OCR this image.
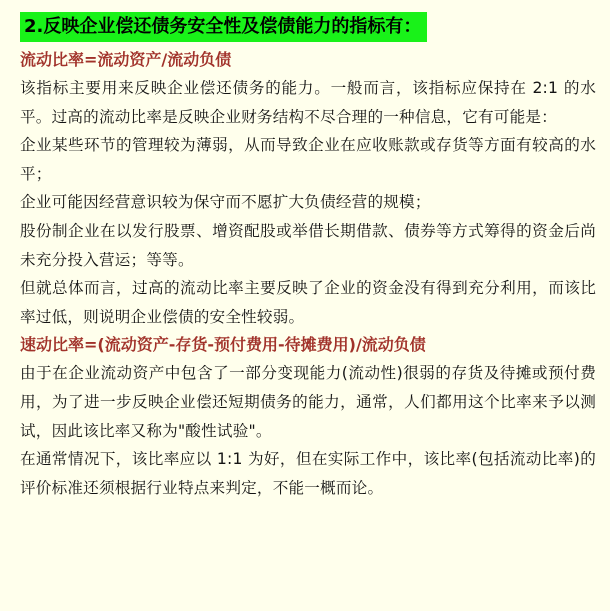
2.反映企业偿还债务安全性及偿债能力的指标有：

流动比率=流动资产/流动负债

该指标主要用来反映企业偿还债务的能力。一般而言，该指标应保持在 2:1 的水平。过高的流动比率是反映企业财务结构不尽合理的一种信息，它有可能是：

企业某些环节的管理较为薄弱，从而导致企业在应收账款或存货等方面有较高的水平；

企业可能因经营意识较为保守而不愿扩大负债经营的规模；

股份制企业在以发行股票、增资配股或举借长期借款、债券等方式筹得的资金后尚未充分投入营运；等等。

但就总体而言，过高的流动比率主要反映了企业的资金没有得到充分利用，而该比率过低，则说明企业偿债的安全性较弱。

速动比率=(流动资产-存货-预付费用-待摊费用)/流动负债

由于在企业流动资产中包含了一部分变现能力(流动性)很弱的存货及待摊或预付费用，为了进一步反映企业偿还短期债务的能力，通常，人们都用这个比率来予以测试，因此该比率又称为"酸性试验"。

在通常情况下，该比率应以 1:1 为好，但在实际工作中，该比率(包括流动比率)的评价标准还须根据行业特点来判定，不能一概而论。
